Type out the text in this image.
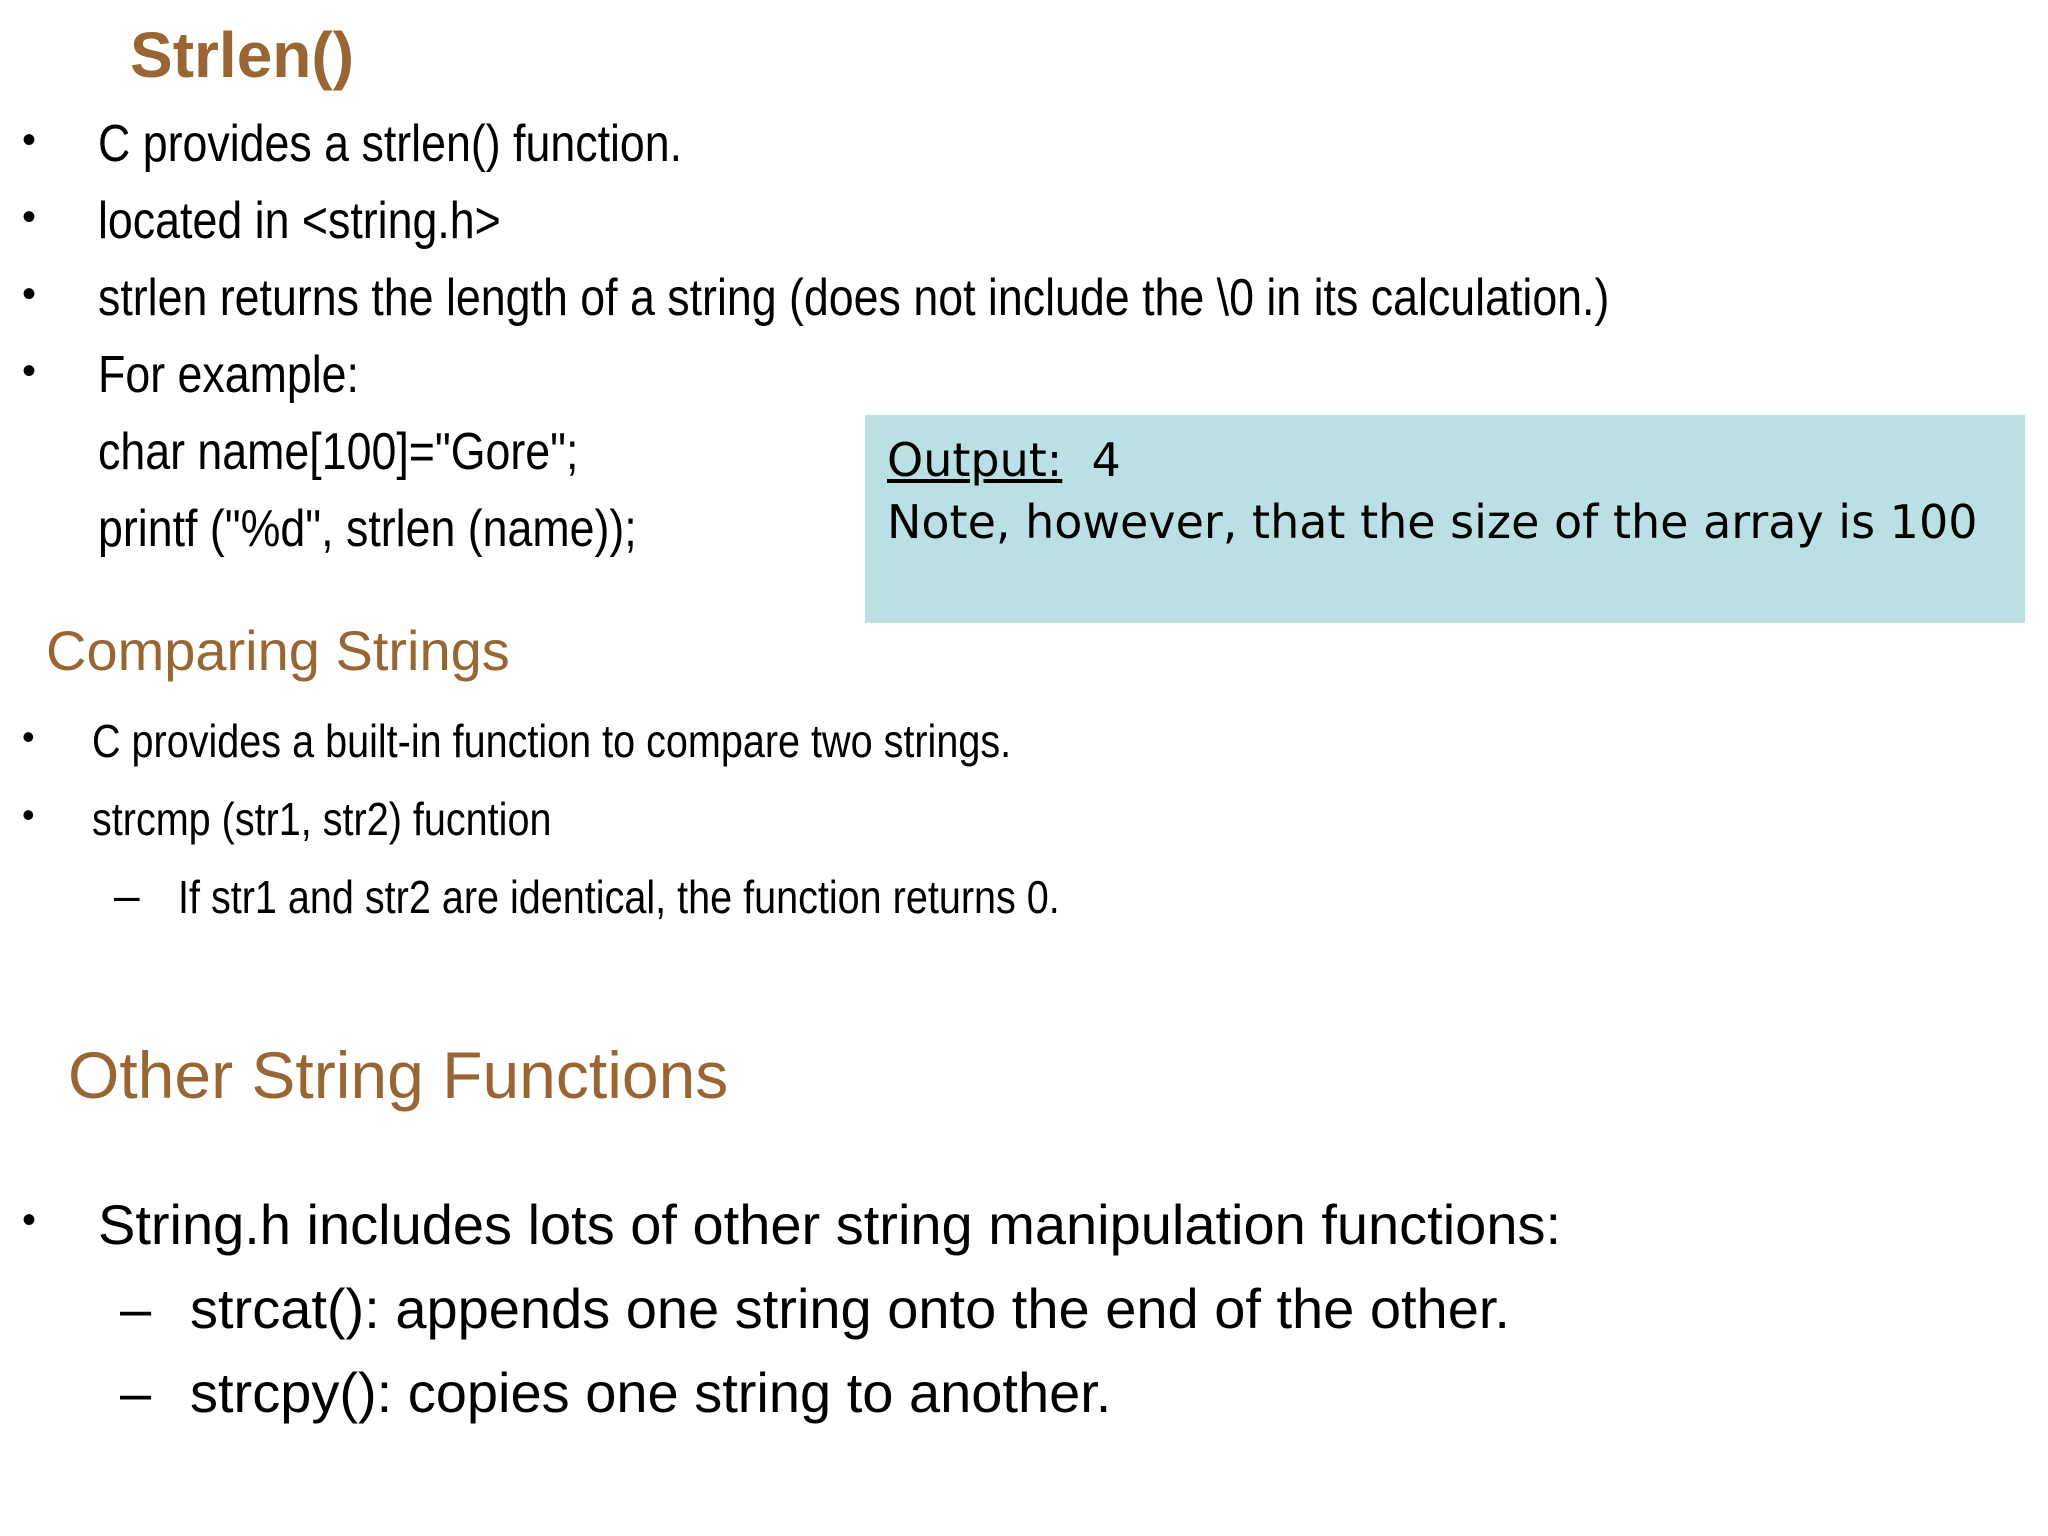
Strlen()
• C provides a strlen() function.
• located in <string.h>
• strlen returns the length of a string (does not include the \0 in its calculation.)
• For example:
char name[100]="Gore";
printf ("%d", strlen (name));
Output: 4
Note, however, that the size of the array is 100
Comparing Strings
• C provides a built-in function to compare two strings.
• strcmp (str1, str2) fucntion
– If str1 and str2 are identical, the function returns 0.
Other String Functions
• String.h includes lots of other string manipulation functions:
– strcat(): appends one string onto the end of the other.
– strcpy(): copies one string to another.
